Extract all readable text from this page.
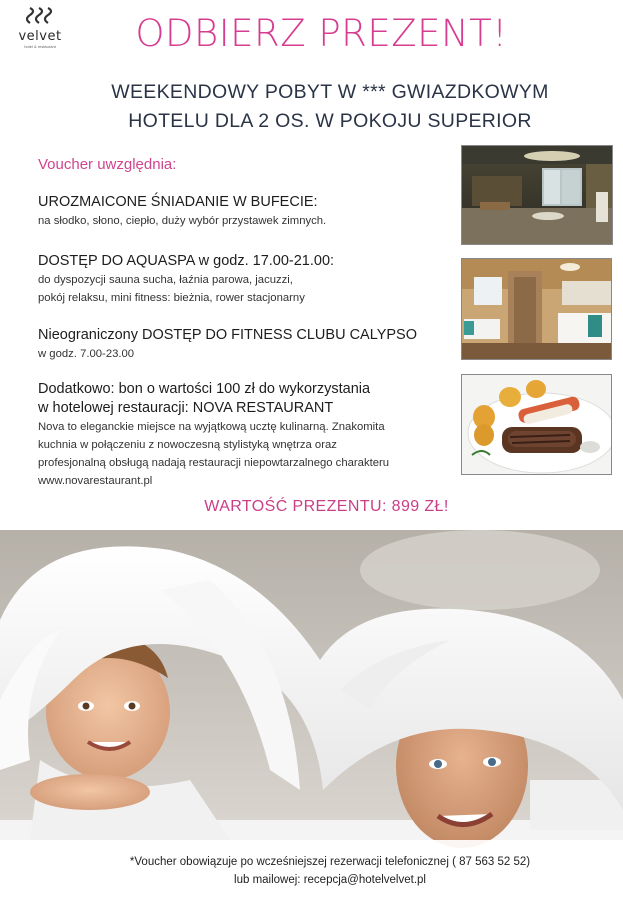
velvet
hotel & restaurant	ODBIERZ PREZENT!
WEEKENDOWY POBYT W *** GWIAZDKOWYM
HOTELU DLA 2 OS. W POKOJU SUPERIOR
Voucher uwzględnia:
UROZMAICONE ŚNIADANIE W BUFECIE:
na słodko, słono, ciepło, duży wybór przystawek zimnych.
DOSTĘP DO AQUASPA w godz. 17.00-21.00:
do dyspozycji sauna sucha, łaźnia parowa, jacuzzi,
pokój relaksu, mini fitness: bieżnia, rower stacjonarny
Nieograniczony DOSTĘP DO FITNESS CLUBU CALYPSO
w godz. 7.00-23.00
Dodatkowo: bon o wartości 100 zł do wykorzystania
w hotelowej restauracji: NOVA RESTAURANT
Nova to eleganckie miejsce na wyjątkową ucztę kulinarną. Znakomita
kuchnia w połączeniu z nowoczesną stylistyką wnętrza oraz
profesjonalną obsługą nadają restauracji niepowtarzalnego charakteru
www.novarestaurant.pl
WARTOŚĆ PREZENTU: 899 ZŁ!
*Voucher obowiązuje po wcześniejszej rezerwacji telefonicznej ( 87 563 52 52)
lub mailowej: recepcja@hotelvelvet.pl
